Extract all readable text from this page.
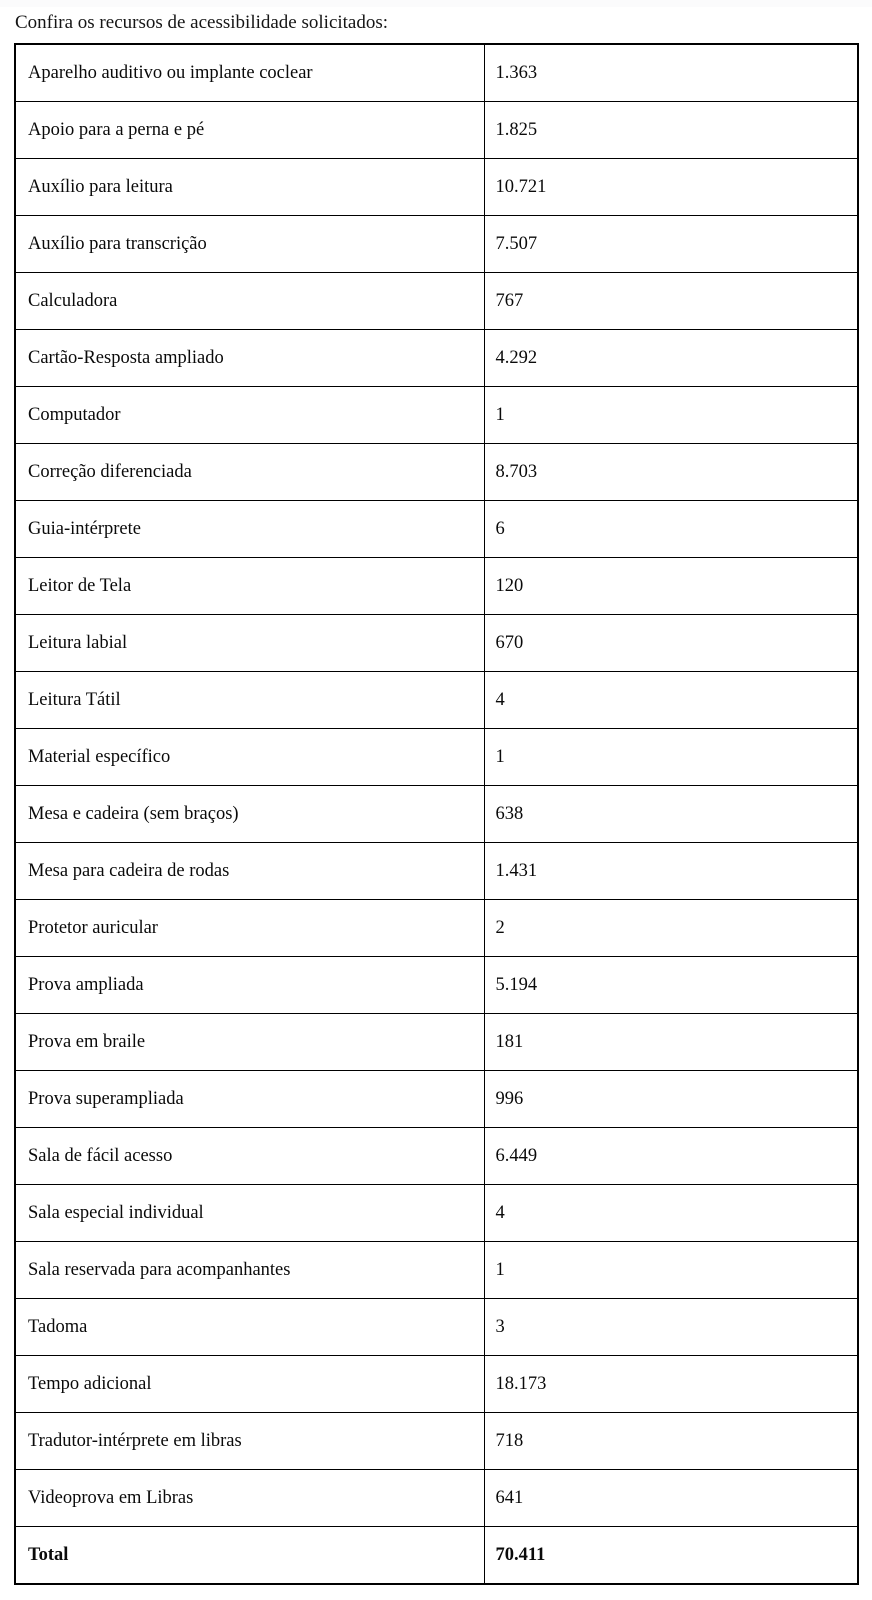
Confira os recursos de acessibilidade solicitados:

Aparelho auditivo ou implante coclear	1.363
Apoio para a perna e pé	1.825
Auxílio para leitura	10.721
Auxílio para transcrição	7.507
Calculadora	767
Cartão-Resposta ampliado	4.292
Computador	1
Correção diferenciada	8.703
Guia-intérprete	6
Leitor de Tela	120
Leitura labial	670
Leitura Tátil	4
Material específico	1
Mesa e cadeira (sem braços)	638
Mesa para cadeira de rodas	1.431
Protetor auricular	2
Prova ampliada	5.194
Prova em braile	181
Prova superampliada	996
Sala de fácil acesso	6.449
Sala especial individual	4
Sala reservada para acompanhantes	1
Tadoma	3
Tempo adicional	18.173
Tradutor-intérprete em libras	718
Videoprova em Libras	641
Total	70.411
